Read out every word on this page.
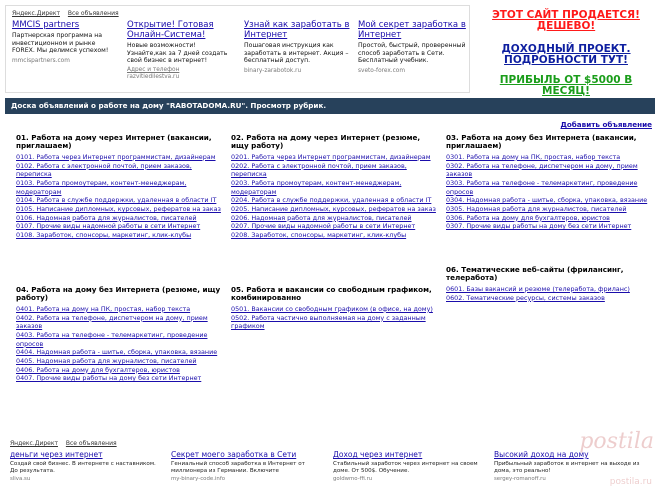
Яндекс.Директ Все объявления
MMCIS partners
Партнерская программа на инвестиционном и рынке FOREX. Мы делимся успехом!
mmcispartners.com
Открытие! Готовая Онлайн-Система!
Новые возможности! Узнайте,как за 7 дней создать свой бизнес в интернет!
Адрес и телефон
razvitiedilestva.ru
Узнай как заработать в Интернет
Пошаговая инструкция как заработать в интернет. Акция – бесплатный доступ.
binary-zarabotok.ru
Мой секрет заработка в Интернет
Простой, быстрый, проверенный способ заработать в Сети. Бесплатный учебник.
sveto-forex.com
ЭТОТ САЙТ ПРОДАЕТСЯ! ДЕШЕВО!
ДОХОДНЫЙ ПРОЕКТ. ПОДРОБНОСТИ ТУТ!
ПРИБЫЛЬ ОТ $5000 В МЕСЯЦ!
Доска объявлений о работе на дому "RABOTADOMA.RU". Просмотр рубрик.
Добавить объявление
01. Работа на дому через Интернет (вакансии, приглашаем)
0101. Работа через Интернет программистам, дизайнерам
0102. Работа с электронной почтой, прием заказов, переписка
0103. Работа промоутерам, контент-менеджерам, модераторам
0104. Работа в службе поддержки, удаленная в области IT
0105. Написание дипломных, курсовых, рефератов на заказ
0106. Надомная работа для журналистов, писателей
0107. Прочие виды надомной работы в сети Интернет
0108. Заработок, спонсоры, маркетинг, клик-клубы
02. Работа на дому через Интернет (резюме, ищу работу)
0201. Работа через Интернет программистам, дизайнерам
0202. Работа с электронной почтой, прием заказов, переписка
0203. Работа промоутерам, контент-менеджерам, модераторам
0204. Работа в службе поддержки, удаленная в области IT
0205. Написание дипломных, курсовых, рефератов на заказ
0206. Надомная работа для журналистов, писателей
0207. Прочие виды надомной работы в сети Интернет
0208. Заработок, спонсоры, маркетинг, клик-клубы
03. Работа на дому без Интернета (вакансии, приглашаем)
0301. Работа на дому на ПК, простая, набор текста
0302. Работа на телефоне, диспетчером на дому, прием заказов
0303. Работа на телефоне - телемаркетинг, проведение опросов
0304. Надомная работа - шитье, сборка, упаковка, вязание
0305. Надомная работа для журналистов, писателей
0306. Работа на дому для бухгалтеров, юристов
0307. Прочие виды работы на дому без сети Интернет
04. Работа на дому без Интернета (резюме, ищу работу)
0401. Работа на дому на ПК, простая, набор текста
0402. Работа на телефоне, диспетчером на дому, прием заказов
0403. Работа на телефоне - телемаркетинг, проведение опросов
0404. Надомная работа - шитье, сборка, упаковка, вязание
0405. Надомная работа для журналистов, писателей
0406. Работа на дому для бухгалтеров, юристов
0407. Прочие виды работы на дому без сети Интернет
05. Работа и вакансии со свободным графиком, комбинированно
0501. Вакансии со свободным графиком (в офисе, на дому)
0502. Работа частично выполняемая на дому с заданным графиком
06. Тематические веб-сайты (фрилансинг, телеработа)
0601. Базы вакансий и резюме (телеработа, фриланс)
0602. Тематические ресурсы, системы заказов
Яндекс.Директ Все объявления
деньги через интернет
Создай свой бизнес. В интернете с наставником. До результата.
sliva.su
Секрет моего заработка в Сети
Гениальный способ заработка в Интернет от миллионера из Германии. Включите
my-binary-code.info
Доход через интернет
Стабильный заработок через интернет на своем доме. От 500$. Обучение.
goldwmo-ffi.ru
Высокий доход на дому
Прибыльный заработок в интернет на выходе из дома, это реально!
sergey-romanoff.ru
postila
postila.ru
